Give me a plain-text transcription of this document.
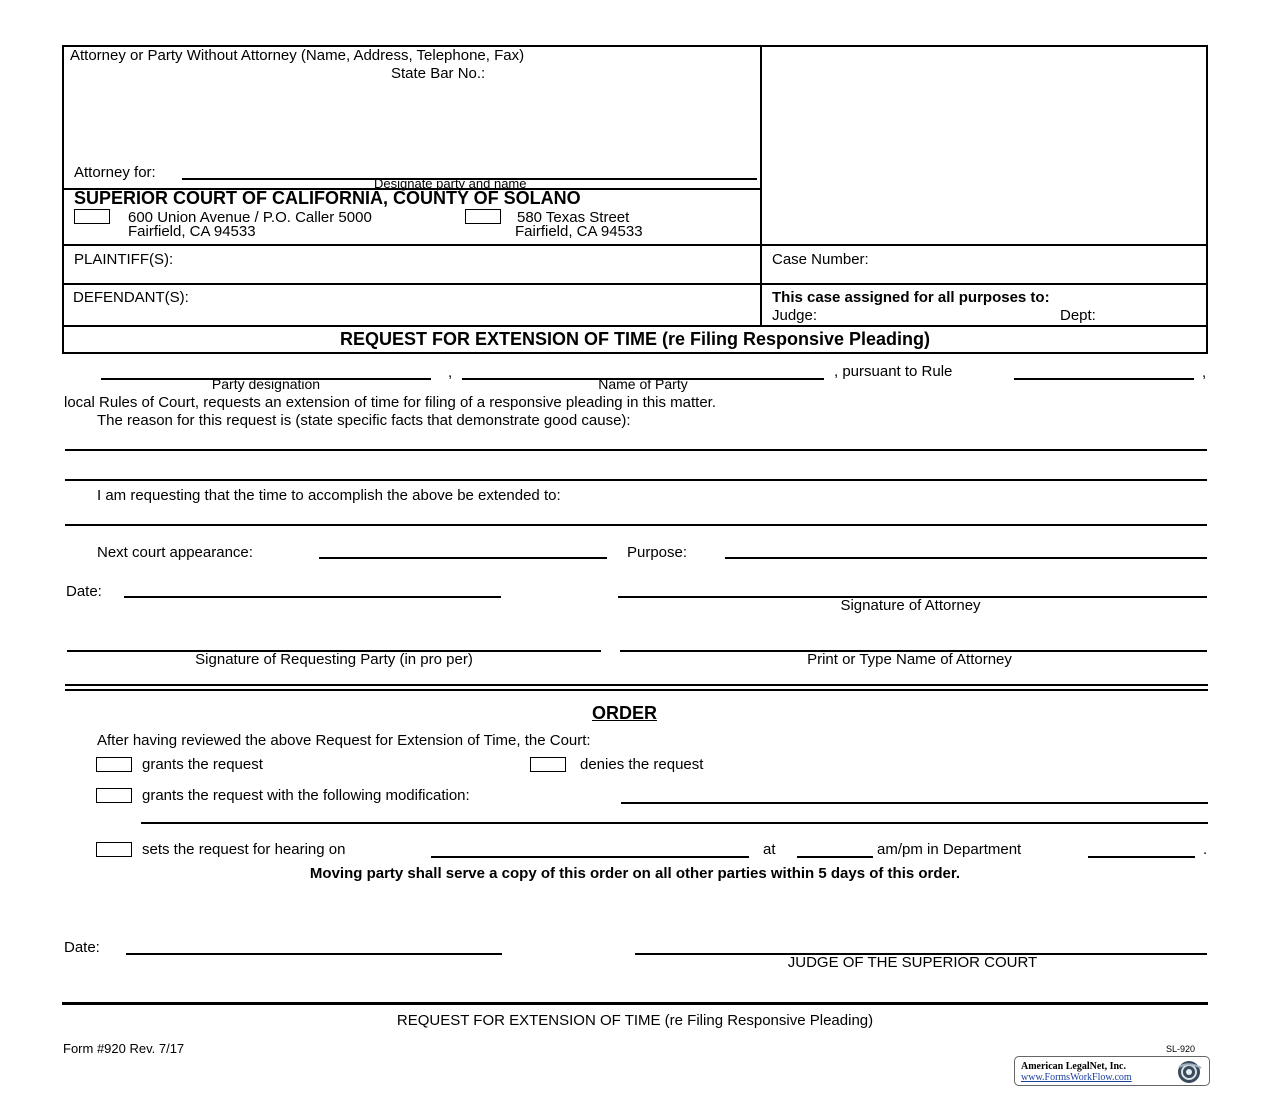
Attorney or Party Without Attorney (Name, Address, Telephone, Fax)
State Bar No.:
Attorney for:
Designate party and name
SUPERIOR COURT OF CALIFORNIA, COUNTY OF SOLANO
600 Union Avenue / P.O. Caller 5000
Fairfield, CA 94533
580 Texas Street
Fairfield, CA 94533
PLAINTIFF(S):	Case Number:
DEFENDANT(S):	This case assigned for all purposes to:
Judge:	Dept:
REQUEST FOR EXTENSION OF TIME (re Filing Responsive Pleading)
,	, pursuant to Rule	,
Party designation	Name of Party
local Rules of Court, requests an extension of time for filing of a responsive pleading in this matter.
The reason for this request is (state specific facts that demonstrate good cause):
I am requesting that the time to accomplish the above be extended to:
Next court appearance:	Purpose:
Date:
Signature of Attorney
Signature of Requesting Party (in pro per)	Print or Type Name of Attorney
ORDER
After having reviewed the above Request for Extension of Time, the Court:
grants the request	denies the request
grants the request with the following modification:
sets the request for hearing on	at	am/pm in Department	.
Moving party shall serve a copy of this order on all other parties within 5 days of this order.
Date:
JUDGE OF THE SUPERIOR COURT
REQUEST FOR EXTENSION OF TIME (re Filing Responsive Pleading)
Form #920 Rev. 7/17	SL-920
American LegalNet, Inc.
www.FormsWorkFlow.com
